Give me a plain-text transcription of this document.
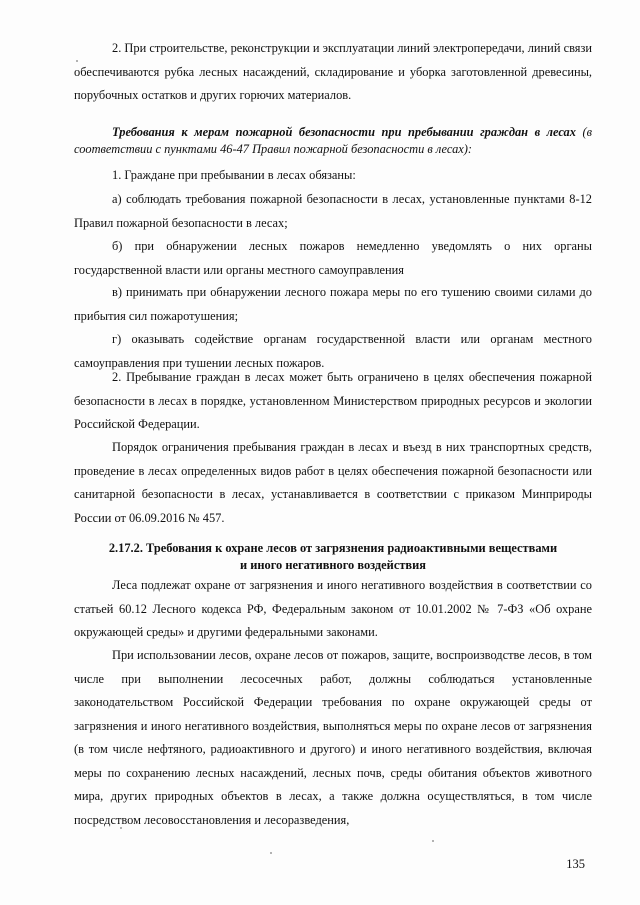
2. При строительстве, реконструкции и эксплуатации линий электропередачи, линий связи обеспечиваются рубка лесных насаждений, складирование и уборка заготовленной древесины, порубочных остатков и других горючих материалов.

Требования к мерам пожарной безопасности при пребывании граждан в лесах (в соответствии с пунктами 46-47 Правил пожарной безопасности в лесах):

1. Граждане при пребывании в лесах обязаны:

а) соблюдать требования пожарной безопасности в лесах, установленные пунктами 8-12 Правил пожарной безопасности в лесах;

б) при обнаружении лесных пожаров немедленно уведомлять о них органы государственной власти или органы местного самоуправления

в) принимать при обнаружении лесного пожара меры по его тушению своими силами до прибытия сил пожаротушения;

г) оказывать содействие органам государственной власти или органам местного самоуправления при тушении лесных пожаров.

2. Пребывание граждан в лесах может быть ограничено в целях обеспечения пожарной безопасности в лесах в порядке, установленном Министерством природных ресурсов и экологии Российской Федерации.

Порядок ограничения пребывания граждан в лесах и въезд в них транспортных средств, проведение в лесах определенных видов работ в целях обеспечения пожарной безопасности или санитарной безопасности в лесах, устанавливается в соответствии с приказом Минприроды России от 06.09.2016 № 457.

2.17.2. Требования к охране лесов от загрязнения радиоактивными веществами
и иного негативного воздействия

Леса подлежат охране от загрязнения и иного негативного воздействия в соответствии со статьей 60.12 Лесного кодекса РФ, Федеральным законом от 10.01.2002 № 7-ФЗ «Об охране окружающей среды» и другими федеральными законами.

При использовании лесов, охране лесов от пожаров, защите, воспроизводстве лесов, в том числе при выполнении лесосечных работ, должны соблюдаться установленные законодательством Российской Федерации требования по охране окружающей среды от загрязнения и иного негативного воздействия, выполняться меры по охране лесов от загрязнения (в том числе нефтяного, радиоактивного и другого) и иного негативного воздействия, включая меры по сохранению лесных насаждений, лесных почв, среды обитания объектов животного мира, других природных объектов в лесах, а также должна осуществляться, в том числе посредством лесовосстановления и лесоразведения,

135
